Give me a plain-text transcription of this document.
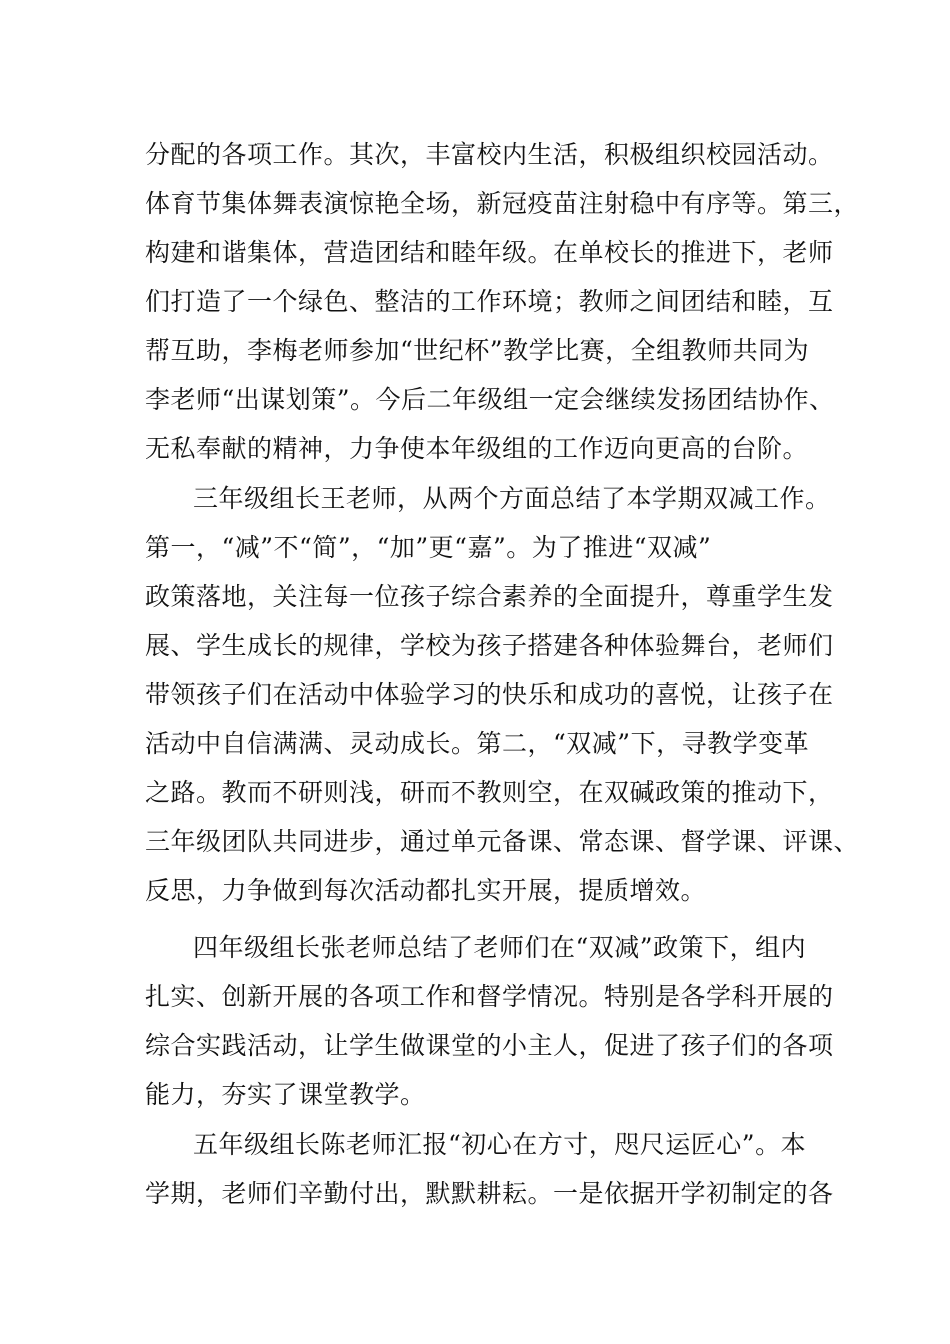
分配的各项工作。其次，丰富校内生活，积极组织校园活动。
体育节集体舞表演惊艳全场，新冠疫苗注射稳中有序等。第三，
构建和谐集体，营造团结和睦年级。在单校长的推进下，老师
们打造了一个绿色、整洁的工作环境；教师之间团结和睦，互
帮互助，李梅老师参加“世纪杯”教学比赛，全组教师共同为
李老师“出谋划策”。今后二年级组一定会继续发扬团结协作、
无私奉献的精神，力争使本年级组的工作迈向更高的台阶。
三年级组长王老师，从两个方面总结了本学期双减工作。
第一，“减”不“简”，“加”更“嘉”。为了推进“双减”
政策落地，关注每一位孩子综合素养的全面提升，尊重学生发
展、学生成长的规律，学校为孩子搭建各种体验舞台，老师们
带领孩子们在活动中体验学习的快乐和成功的喜悦，让孩子在
活动中自信满满、灵动成长。第二，“双减”下，寻教学变革
之路。教而不研则浅，研而不教则空，在双碱政策的推动下，
三年级团队共同进步，通过单元备课、常态课、督学课、评课、
反思，力争做到每次活动都扎实开展，提质增效。
四年级组长张老师总结了老师们在“双减”政策下，组内
扎实、创新开展的各项工作和督学情况。特别是各学科开展的
综合实践活动，让学生做课堂的小主人，促进了孩子们的各项
能力，夯实了课堂教学。
五年级组长陈老师汇报“初心在方寸，咫尺运匠心”。本
学期，老师们辛勤付出，默默耕耘。一是依据开学初制定的各
